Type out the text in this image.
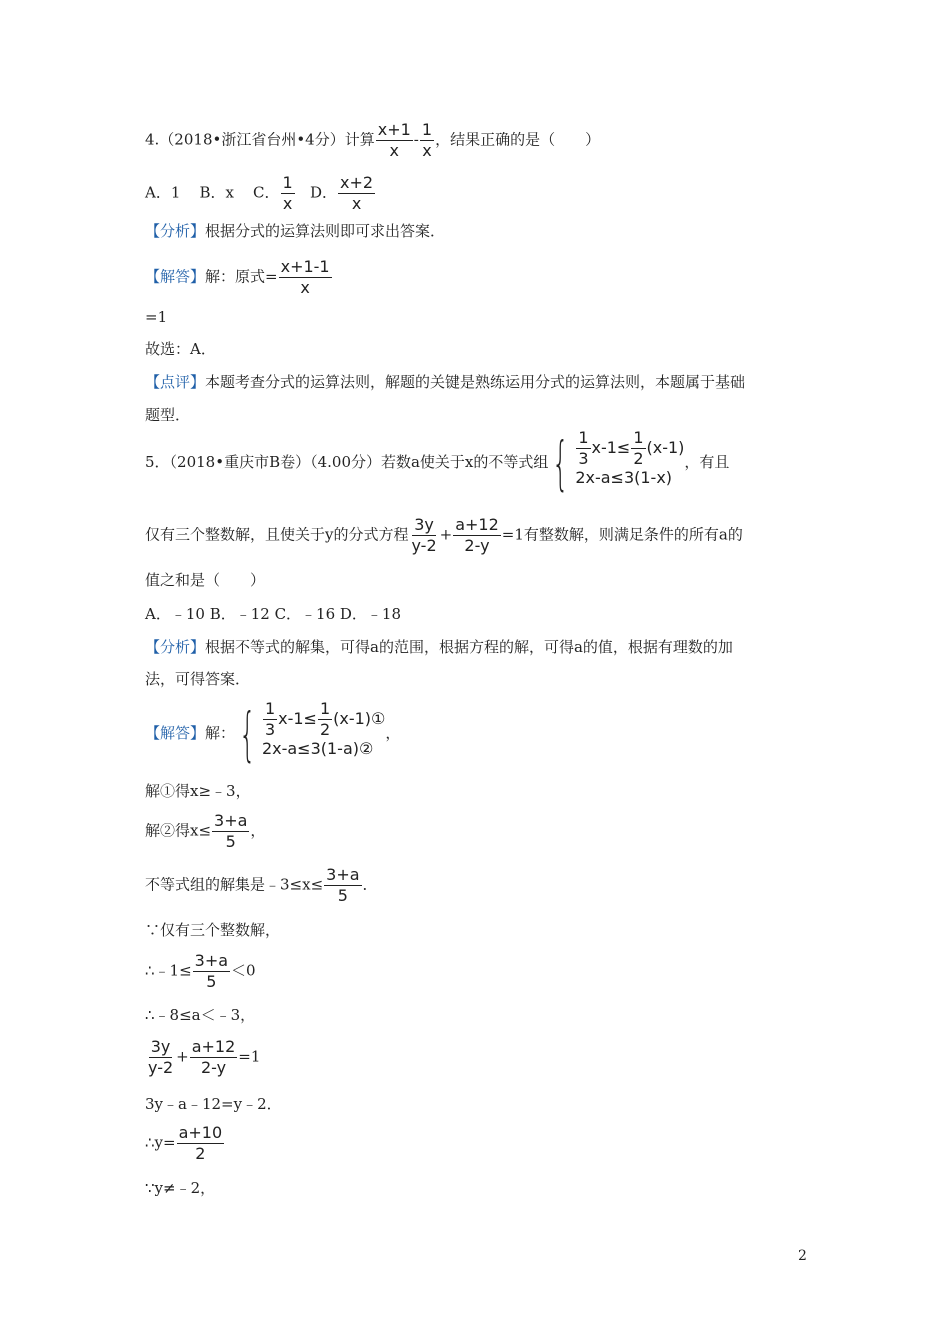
4.（2018•浙江省台州•4分）计算 $\frac{x+1}{x} - \frac{1}{x}$ ，结果正确的是（　　）
A．1 B．x C． $\frac{1}{x}$ D． $\frac{x+2}{x}$
【分析】根据分式的运算法则即可求出答案．
【解答】解：原式= $\frac{x+1-1}{x}$
=1
故选：A．
【点评】本题考查分式的运算法则，解题的关键是熟练运用分式的运算法则，本题属于基础
题型．
5．（2018•重庆市B卷）（4.00分）若数a使关于x的不等式组 { $\frac{1}{3} x-1\le \frac{1}{2} (x-1)$
2x-a≤3(1-x)
，有且
仅有三个整数解，且使关于y的分式方程 $\frac{3y}{y-2} + \frac{a+12}{2-y} =1$有整数解，则满足条件的所有a的
值之和是（　　）
A．﹣10 B．﹣12 C．﹣16 D．﹣18
【分析】根据不等式的解集，可得a的范围，根据方程的解，可得a的值，根据有理数的加
法，可得答案．
【解答】解： { $\frac{1}{3} x-1\le \frac{1}{2}$ (x-1)①
2x-a≤3(1-a)②
，
解①得x≥﹣3，
解②得$x\le \frac{3+a}{5}$ ，
不等式组的解集是﹣3≤x≤ $\frac{3+a}{5}$ ．
∵仅有三个整数解，
∴﹣1≤ $\frac{3+a}{5} <0$
∴﹣8≤a＜﹣3，
$\frac{3y}{y-2} + \frac{a+12}{2-y} =1$
3y﹣a﹣12=y﹣2．
∴y= $\frac{a+10}{2}$
∵y≠﹣2，
2
